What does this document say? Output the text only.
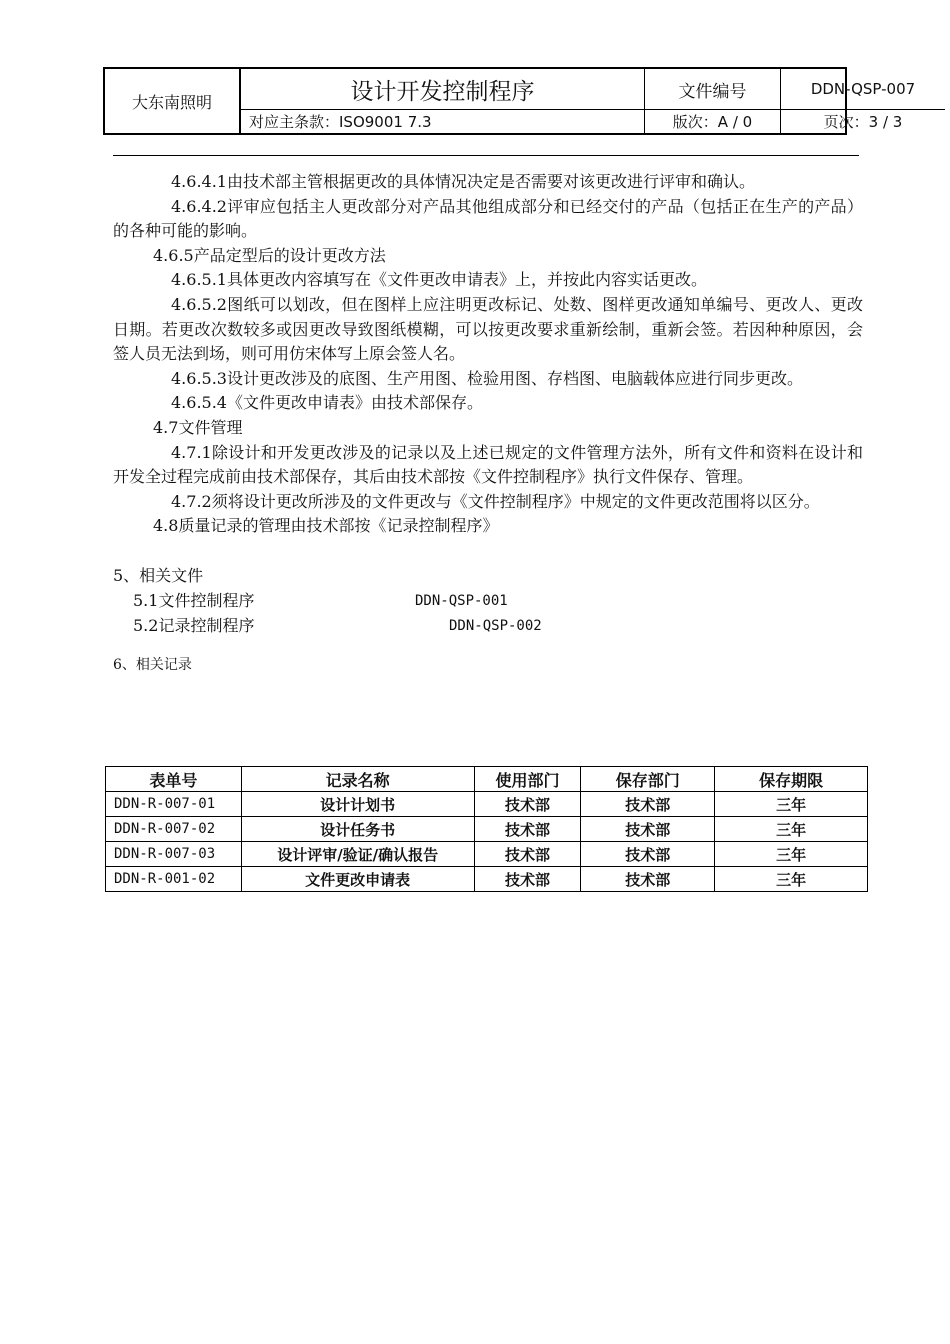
大东南照明	设计开发控制程序	文件编号	DDN-QSP-007
对应主条款：ISO9001 7.3	版次：A / 0	页次：3 / 3

4.6.4.1由技术部主管根据更改的具体情况决定是否需要对该更改进行评审和确认。

4.6.4.2评审应包括主人更改部分对产品其他组成部分和已经交付的产品（包括正在生产的产品）的各种可能的影响。

4.6.5产品定型后的设计更改方法

4.6.5.1具体更改内容填写在《文件更改申请表》上，并按此内容实话更改。

4.6.5.2图纸可以划改，但在图样上应注明更改标记、处数、图样更改通知单编号、更改人、更改日期。若更改次数较多或因更改导致图纸模糊，可以按更改要求重新绘制，重新会签。若因种种原因，会签人员无法到场，则可用仿宋体写上原会签人名。

4.6.5.3设计更改涉及的底图、生产用图、检验用图、存档图、电脑载体应进行同步更改。

4.6.5.4《文件更改申请表》由技术部保存。

4.7文件管理

4.7.1除设计和开发更改涉及的记录以及上述已规定的文件管理方法外，所有文件和资料在设计和开发全过程完成前由技术部保存，其后由技术部按《文件控制程序》执行文件保存、管理。

4.7.2须将设计更改所涉及的文件更改与《文件控制程序》中规定的文件更改范围将以区分。

4.8质量记录的管理由技术部按《记录控制程序》

5、相关文件

5.1文件控制程序	DDN-QSP-001
5.2记录控制程序	DDN-QSP-002
6、相关记录
表单号	记录名称	使用部门	保存部门	保存期限
DDN-R-007-01	设计计划书	技术部	技术部	三年
DDN-R-007-02	设计任务书	技术部	技术部	三年
DDN-R-007-03	设计评审/验证/确认报告	技术部	技术部	三年
DDN-R-001-02	文件更改申请表	技术部	技术部	三年
